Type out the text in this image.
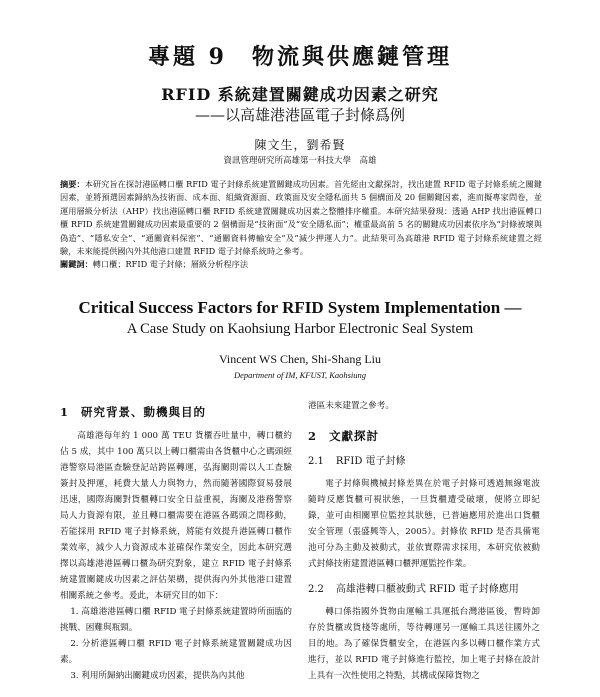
專題 9　物流與供應鏈管理
RFID 系統建置關鍵成功因素之研究
——以高雄港港區電子封條爲例
陳文生，劉希賢
資訊管理研究所高雄第一科技大學　高雄

摘要：本研究旨在探討港區轉口櫃 RFID 電子封條系統建置關鍵成功因素。首先經由文獻探討，找出建置 RFID 電子封條系統之關鍵因素，並將預選因素歸納為技術面、成本面、組織資源面、政策面及安全隱私面共 5 個構面及 20 個關鍵因素，進而擬專家問卷，並運用層級分析法（AHP）找出港區轉口櫃 RFID 系統建置關鍵成功因素之整體排序權重。本研究結果發現：透過 AHP 找出港區轉口櫃 RFID 系統建置關鍵成功因素最重要的 2 個構面是“技術面”及“安全隱私面”；權重最高前 5 名的關鍵成功因素依序為“封條被壞與偽造”、“隱私安全”、“通關資料保密”、“通關資料傳輸安全”及“減少押運人力”。此結果可為高雄港 RFID 電子封條系統建置之經驗，未來能提供國內外其他港口建置 RFID 電子封條系統時之參考。

關鍵詞：轉口櫃；RFID 電子封條；層級分析程序法

Critical Success Factors for RFID System Implementation —
A Case Study on Kaohsiung Harbor Electronic Seal System
Vincent WS Chen, Shi-Shang Liu
Department of IM, KFUST, Kaohsiung
1 研究背景、動機與目的

高雄港每年約 1 000 萬 TEU 貨櫃吞吐量中，轉口櫃約佔 5 成，其中 100 萬只以上轉口櫃需由各貨櫃中心之碼頭經港警察局港區查驗登記站跨區轉運，弘海關則需以人工查驗簽封及押運，耗費大量人力與物力，然而隨著國際貿易發展迅速，國際海關對貨櫃轉口安全日益重視，海關及港務警察局人力資源有限，並且轉口櫃需要在港區各碼頭之間移動，若能採用 RFID 電子封條系統，將能有效提升港區轉口櫃作業效率，減少人力資源成本並確保作業安全，因此本研究選擇以高雄港港區轉口櫃為研究對象，建立 RFID 電子封條系統建置關鍵成功因素之評估架構，提供海內外其他港口建置相關系統之參考。爰此，本研究目的如下：

1. 高雄港港區轉口櫃 RFID 電子封條系統建置時所面臨的挑戰、困難與瓶頸。

2. 分析港區轉口櫃 RFID 電子封條系統建置關鍵成功因素。

3. 利用所歸納出關鍵成功因素，提供為內其他

港區未來建置之參考。

2 文獻探討
2.1 RFID 電子封條

電子封條與機械封條差異在於電子封條可透過無線電波隨時反應貨櫃可視狀態，一旦貨櫃遭受破壞，便將立即紀錄，並可由相關單位監控其狀態，已普遍應用於進出口貨櫃安全管理（張盛興等人，2005）。封條依 RFID 是否具備電池可分為主動及被動式，並依實際需求採用，本研究依被動式封條技術建置港區轉口櫃押運監控作業。

2.2 高雄港轉口櫃被動式 RFID 電子封條應用

轉口係指國外貨物由運輸工具運抵台灣港區後，暫時卸存於貨櫃或貨棧等處所，等待轉運另一運輸工具送往國外之目的地。為了確保貨櫃安全，在港區內多以轉口櫃作業方式進行，並以 RFID 電子封條進行監控，加上電子封條在設計上具有一次性使用之特點，其構成保障貨物之
